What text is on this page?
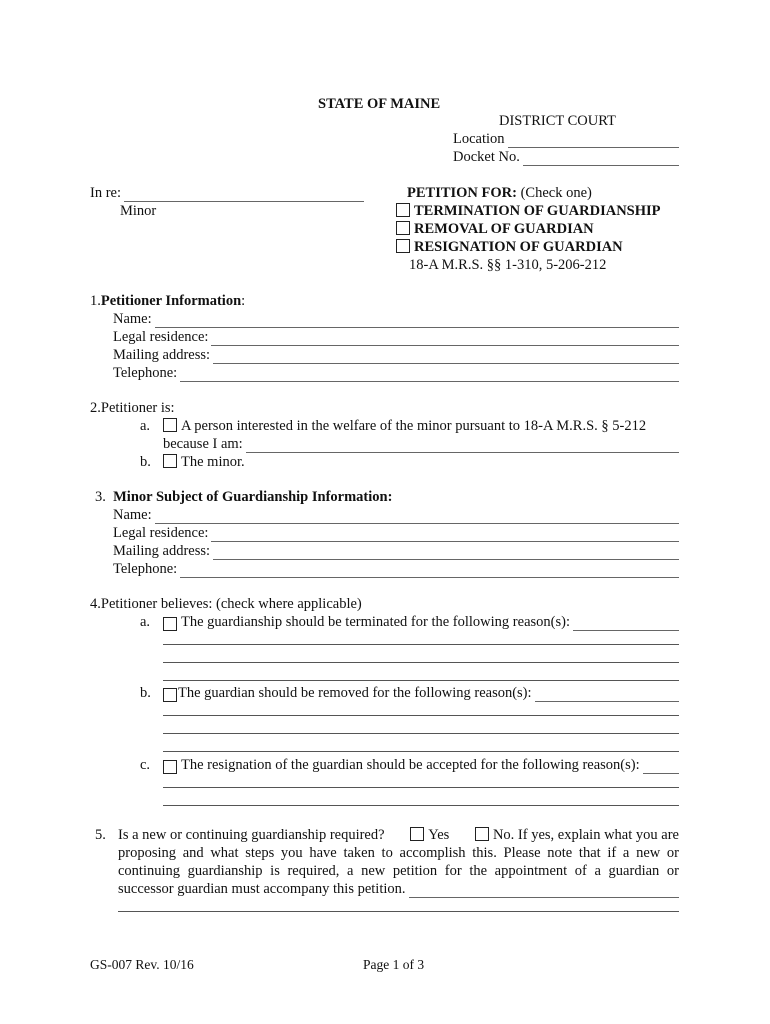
STATE OF MAINE
DISTRICT COURT
Location
Docket No.
In re:
Minor
PETITION FOR: (Check one)
TERMINATION OF GUARDIANSHIP
REMOVAL OF GUARDIAN
RESIGNATION OF GUARDIAN
18-A M.R.S. §§ 1-310, 5-206-212
1.Petitioner Information:
Name:
Legal residence:
Mailing address:
Telephone:
2.Petitioner is:
a.	A person interested in the welfare of the minor pursuant to 18-A M.R.S. § 5-212
because I am:
b.	The minor.
3. Minor Subject of Guardianship Information:
Name:
Legal residence:
Mailing address:
Telephone:
4.Petitioner believes: (check where applicable)
a. The guardianship should be terminated for the following reason(s):
b. The guardian should be removed for the following reason(s):
c. The resignation of the guardian should be accepted for the following reason(s):
5. Is a new or continuing guardianship required?	Yes	No. If yes, explain what you are
proposing and what steps you have taken to accomplish this. Please note that if a new or
continuing guardianship is required, a new petition for the appointment of a guardian or
successor guardian must accompany this petition.
GS-007 Rev. 10/16	Page 1 of 3
